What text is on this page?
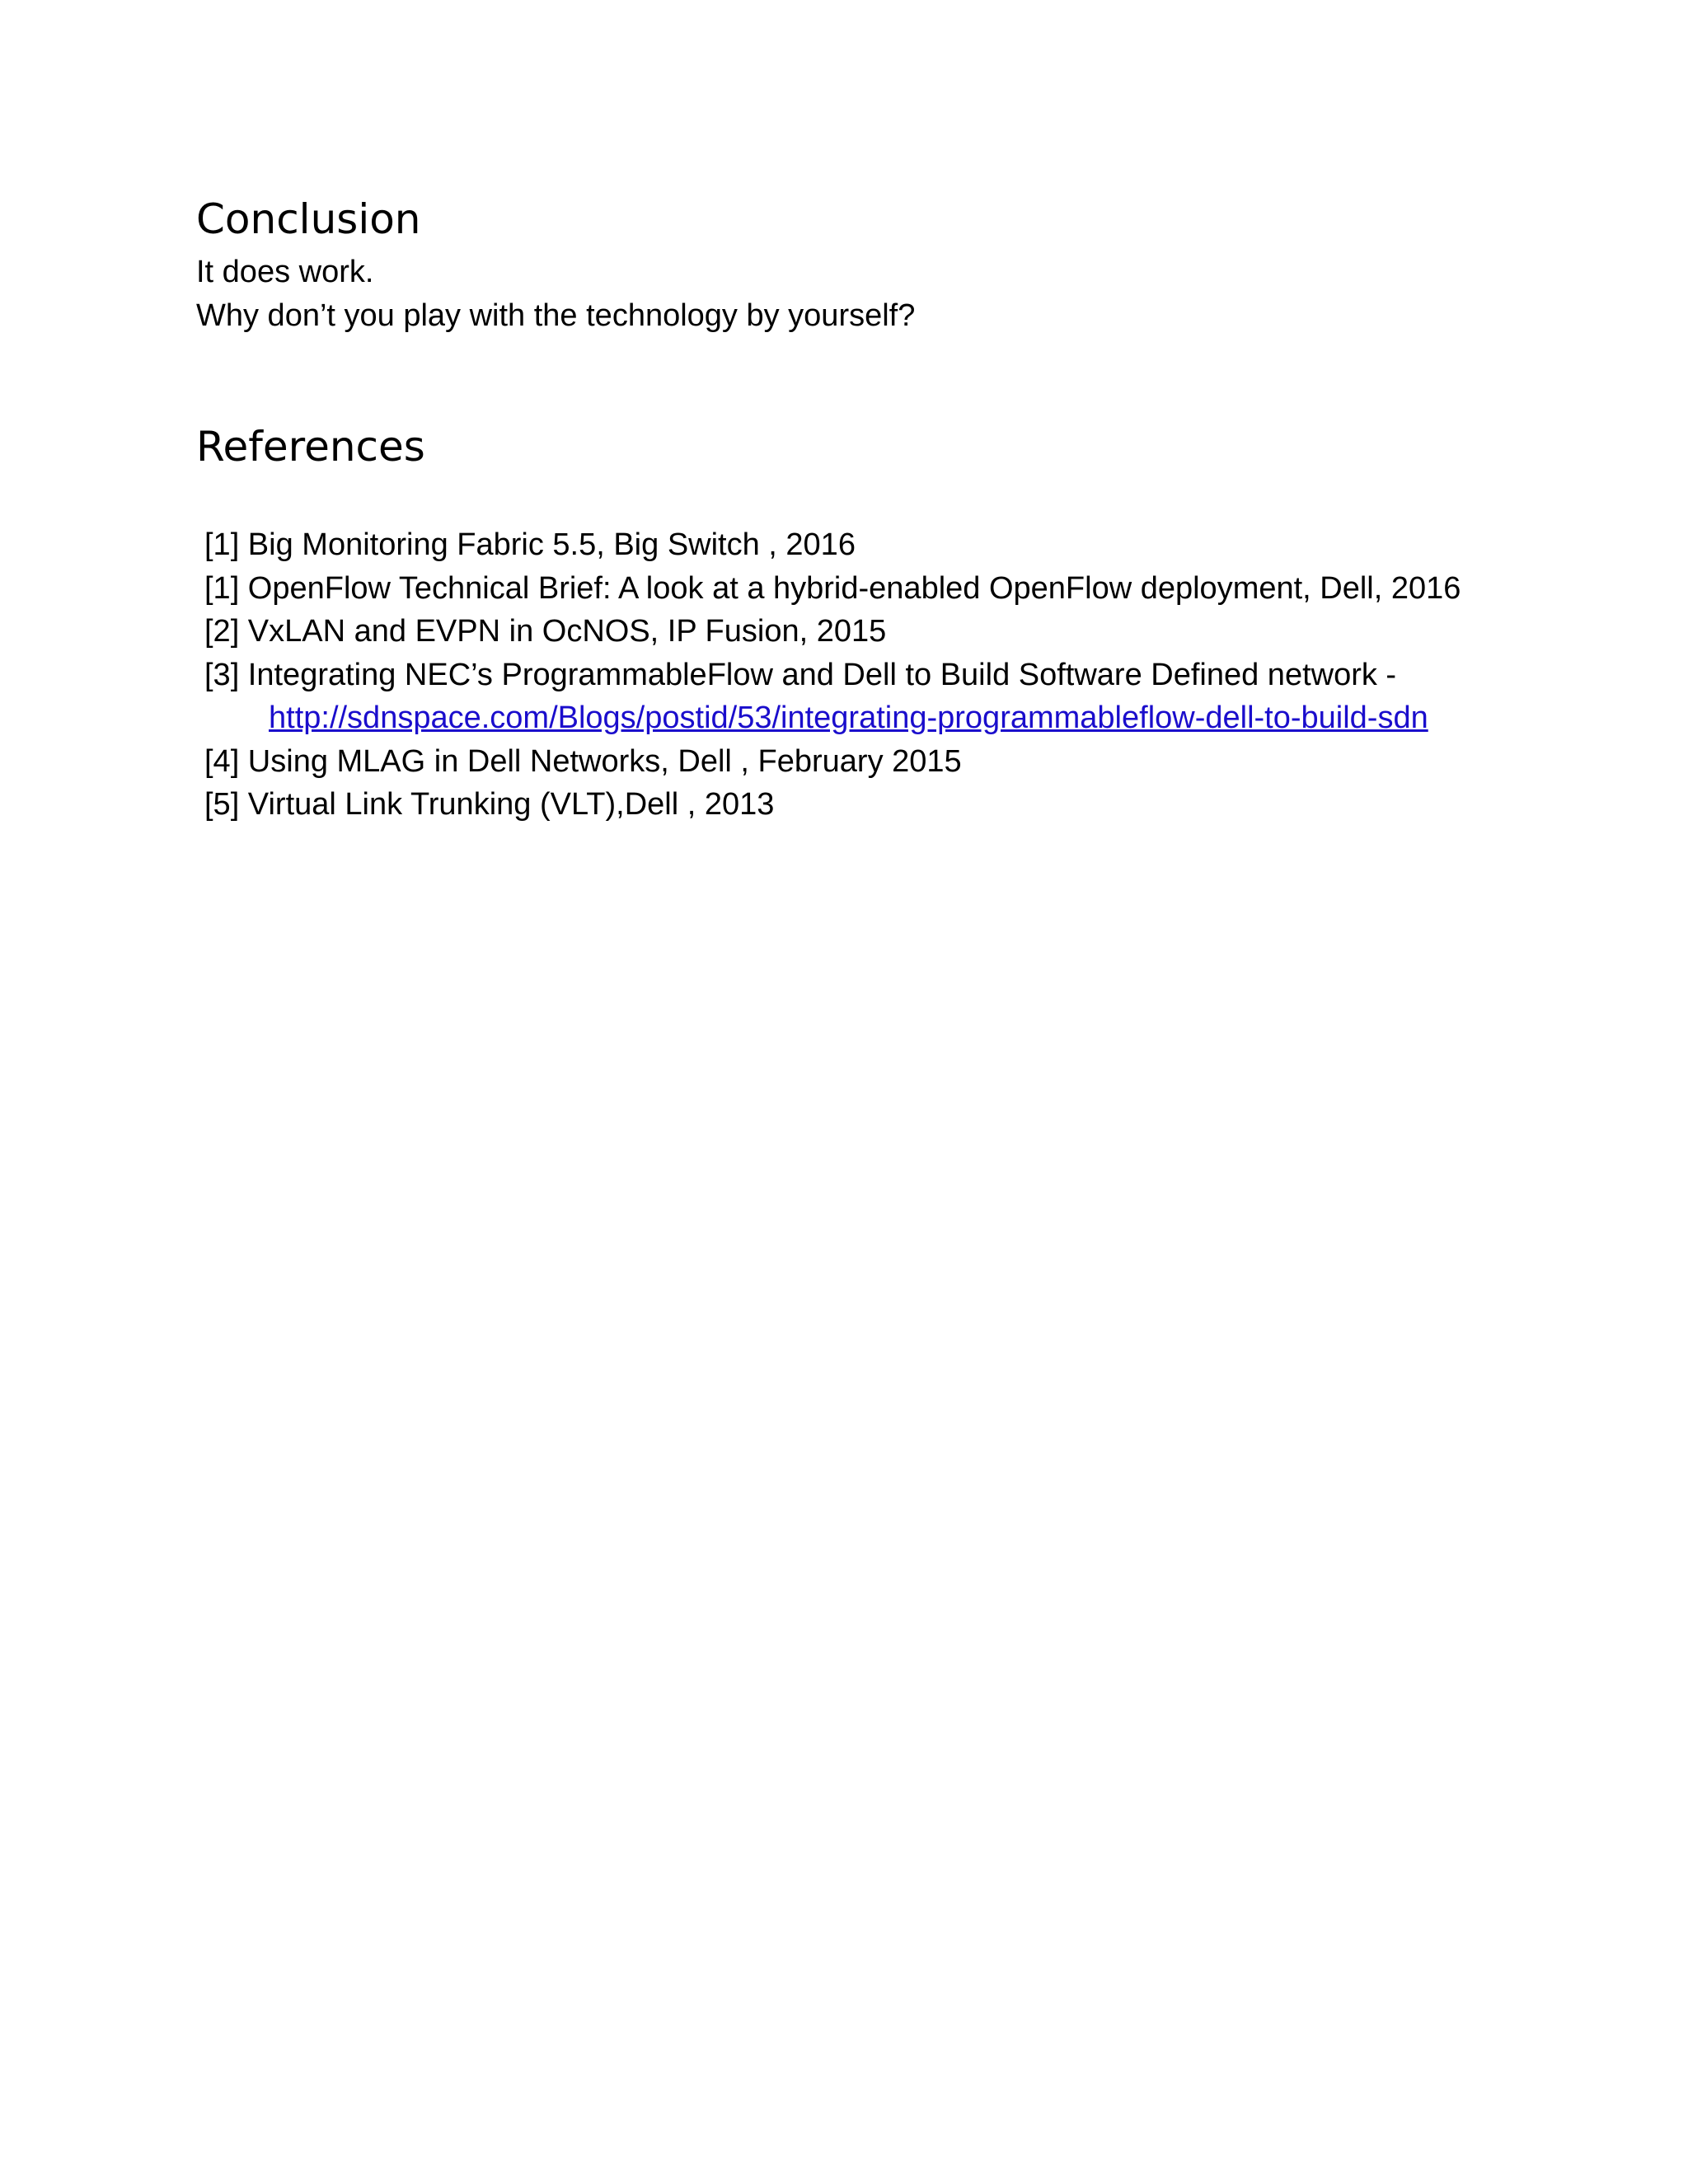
Conclusion

It does work.

Why don’t you play with the technology by yourself?

References
[1] Big Monitoring Fabric 5.5, Big Switch , 2016
[1] OpenFlow Technical Brief: A look at a hybrid-enabled OpenFlow deployment, Dell, 2016
[2] VxLAN and EVPN in OcNOS, IP Fusion, 2015
[3] Integrating NEC’s ProgrammableFlow and Dell to Build Software Defined network -
http://sdnspace.com/Blogs/postid/53/integrating-programmableflow-dell-to-build-sdn
[4] Using MLAG in Dell Networks, Dell , February 2015
[5] Virtual Link Trunking (VLT),Dell , 2013
